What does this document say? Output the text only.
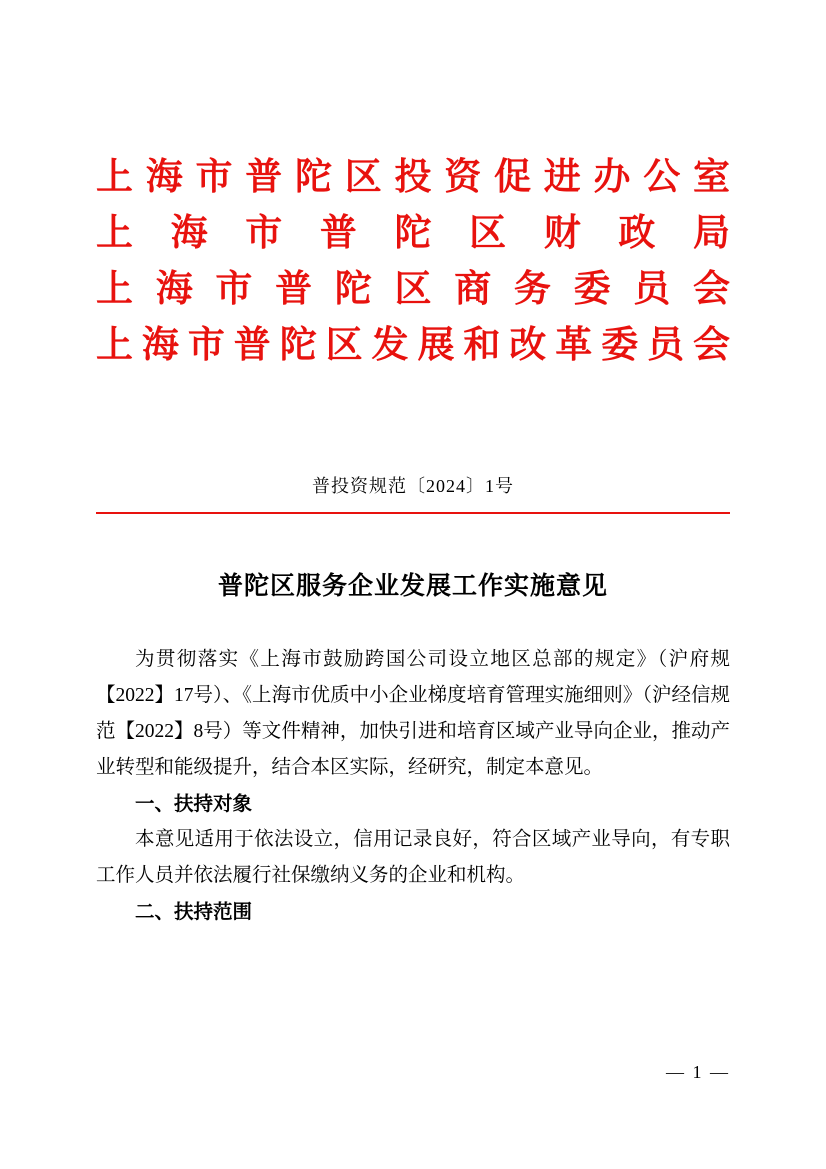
上海市普陀区投资促进办公室
上海市普陀区财政局
上海市普陀区商务委员会
上海市普陀区发展和改革委员会
普投资规范〔2024〕1号
普陀区服务企业发展工作实施意见

为贯彻落实《上海市鼓励跨国公司设立地区总部的规定》（沪府规【2022】17号）、《上海市优质中小企业梯度培育管理实施细则》（沪经信规范【2022】8号）等文件精神，加快引进和培育区域产业导向企业，推动产业转型和能级提升，结合本区实际，经研究，制定本意见。

一、扶持对象

本意见适用于依法设立，信用记录良好，符合区域产业导向，有专职工作人员并依法履行社保缴纳义务的企业和机构。

二、扶持范围

— 1 —
